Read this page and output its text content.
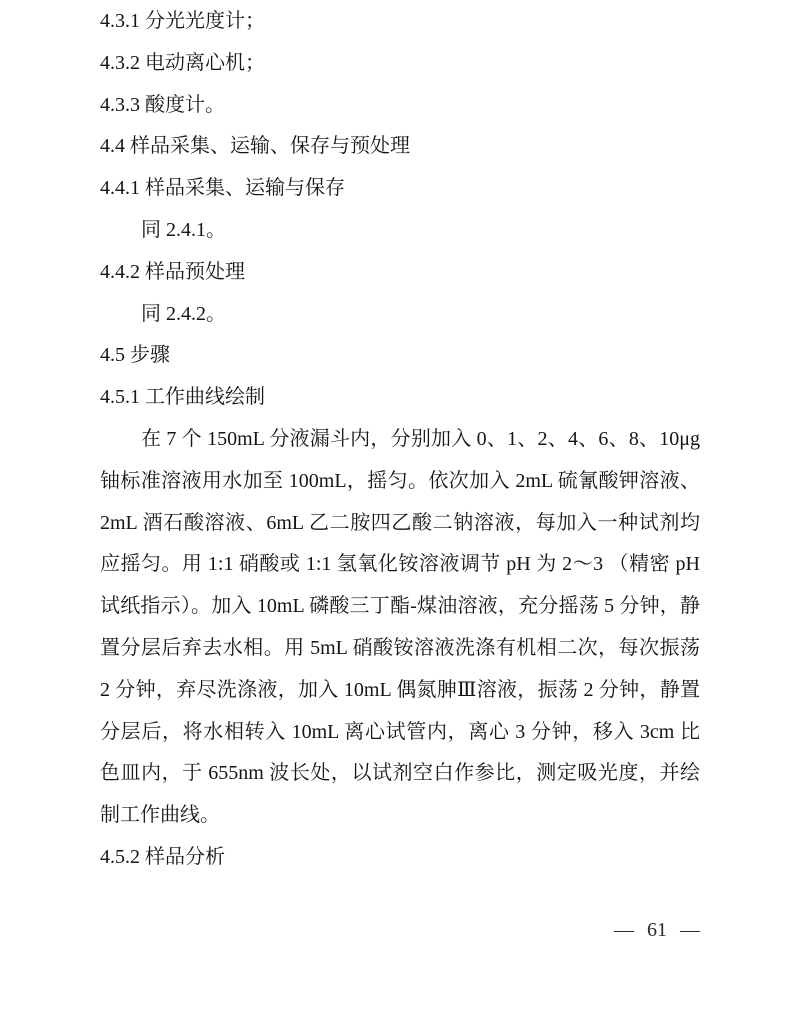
4.3.1 分光光度计；
4.3.2 电动离心机；
4.3.3 酸度计。
4.4 样品采集、运输、保存与预处理
4.4.1 样品采集、运输与保存
同 2.4.1。
4.4.2 样品预处理
同 2.4.2。
4.5 步骤
4.5.1 工作曲线绘制
在 7 个 150mL 分液漏斗内，分别加入 0、1、2、4、6、8、10μg
铀标准溶液用水加至 100mL，摇匀。依次加入 2mL 硫氰酸钾溶液、
2mL 酒石酸溶液、6mL 乙二胺四乙酸二钠溶液，每加入一种试剂均
应摇匀。用 1:1 硝酸或 1:1 氢氧化铵溶液调节 pH 为 2～3 （精密 pH
试纸指示）。加入 10mL 磷酸三丁酯-煤油溶液，充分摇荡 5 分钟，静
置分层后弃去水相。用 5mL 硝酸铵溶液洗涤有机相二次，每次振荡
2 分钟，弃尽洗涤液，加入 10mL 偶氮胂Ⅲ溶液，振荡 2 分钟，静置
分层后，将水相转入 10mL 离心试管内，离心 3 分钟，移入 3cm 比
色皿内，于 655nm 波长处，以试剂空白作参比，测定吸光度，并绘
制工作曲线。
4.5.2 样品分析
— 61 —
